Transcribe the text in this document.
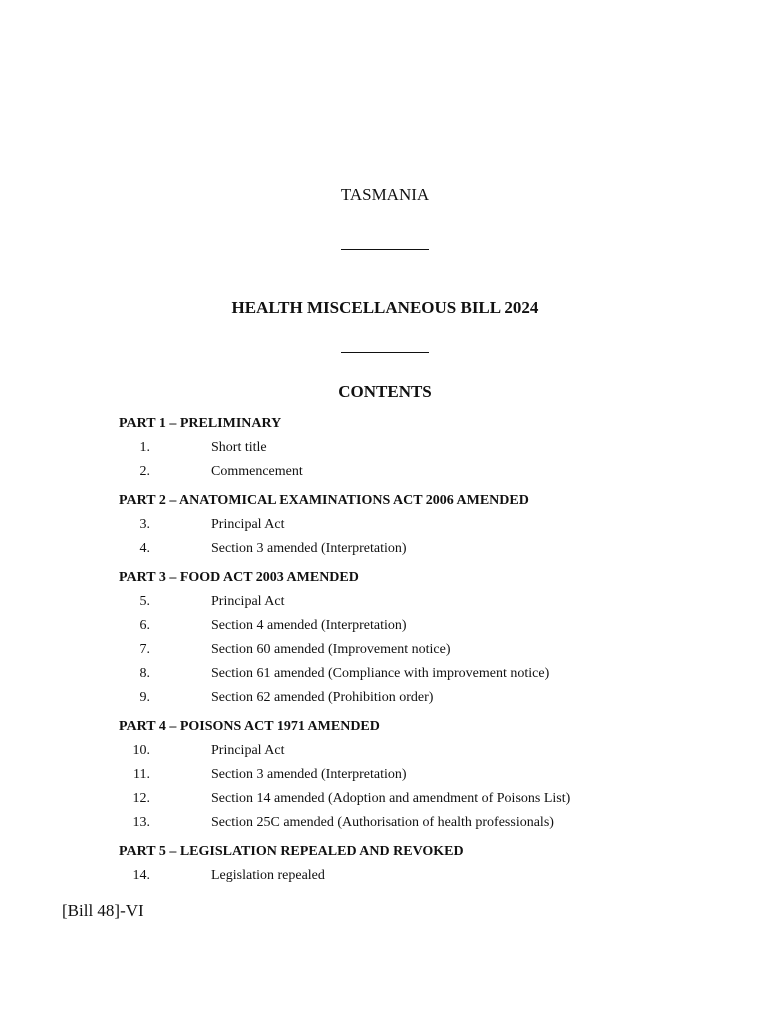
TASMANIA
HEALTH MISCELLANEOUS BILL 2024
CONTENTS
PART 1 – PRELIMINARY
1.	Short title
2.	Commencement
PART 2 – ANATOMICAL EXAMINATIONS ACT 2006 AMENDED
3.	Principal Act
4.	Section 3 amended (Interpretation)
PART 3 – FOOD ACT 2003 AMENDED
5.	Principal Act
6.	Section 4 amended (Interpretation)
7.	Section 60 amended (Improvement notice)
8.	Section 61 amended (Compliance with improvement notice)
9.	Section 62 amended (Prohibition order)
PART 4 – POISONS ACT 1971 AMENDED
10.	Principal Act
11.	Section 3 amended (Interpretation)
12.	Section 14 amended (Adoption and amendment of Poisons List)
13.	Section 25C amended (Authorisation of health professionals)
PART 5 – LEGISLATION REPEALED AND REVOKED
14.	Legislation repealed
[Bill 48]-VI
